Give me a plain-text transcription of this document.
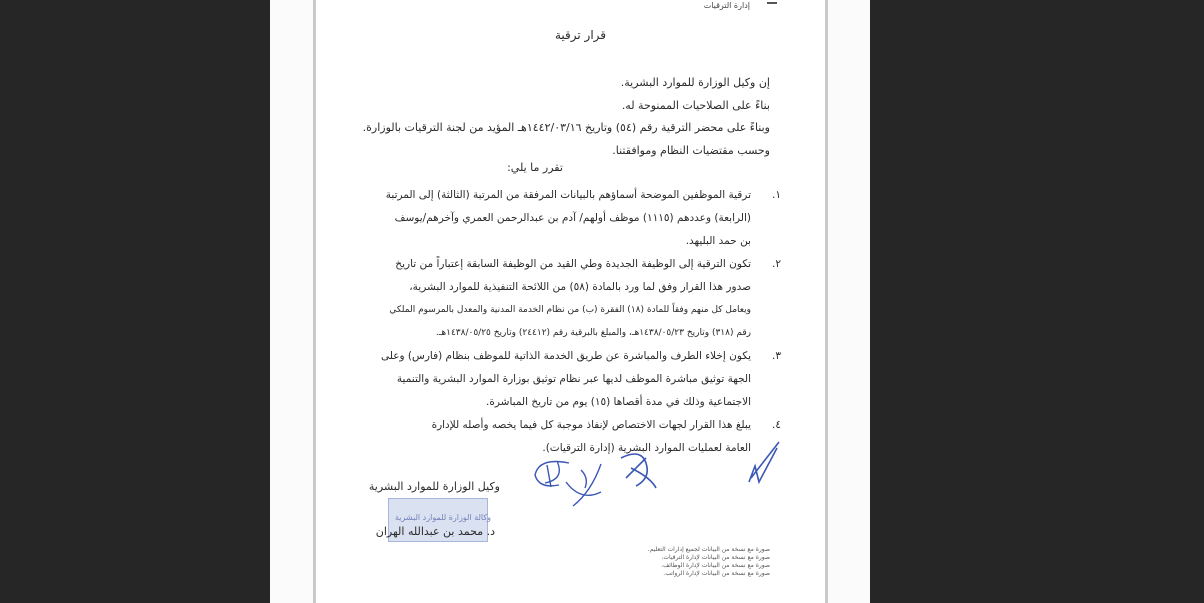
إدارة الترقيات
قرار ترقية
إن وكيل الوزارة للموارد البشرية.
بناءً على الصلاحيات الممنوحة له.
وبناءً على محضر الترقية رقم (٥٤) وتاريخ ١٤٤٢/٠٣/١٦هـ المؤيد من لجنة الترقيات بالوزارة.
وحسب مقتضيات النظام وموافقتنا.
تقرر ما يلي:
١.
ترقية الموظفين الموضحة أسماؤهم بالبيانات المرفقة من المرتبة (الثالثة) إلى المرتبة
(الرابعة) وعددهم (١١١٥) موظف أولهم/ آدم بن عبدالرحمن العمري وآخرهم/يوسف
بن حمد البليهد.
٢.
تكون الترقية إلى الوظيفة الجديدة وطي القيد من الوظيفة السابقة إعتباراً من تاريخ
صدور هذا القرار وفق لما ورد بالمادة (٥٨) من اللائحة التنفيذية للموارد البشرية،
ويعامل كل منهم وفقاً للمادة (١٨) الفقرة (ب) من نظام الخدمة المدنية والمعدل بالمرسوم الملكي
رقم (٣١٨) وتاريخ ١٤٣٨/٠٥/٢٣هـ، والمبلغ بالبرقية رقم (٢٤٤١٢) وتاريخ ١٤٣٨/٠٥/٢٥هـ.
٣.
يكون إخلاء الطرف والمباشرة عن طريق الخدمة الذاتية للموظف بنظام (فارس) وعلى
الجهة توثيق مباشرة الموظف لديها عبر نظام توثيق بوزارة الموارد البشرية والتنمية
الاجتماعية وذلك في مدة أقصاها (١٥) يوم من تاريخ المباشرة.
٤.
يبلغ هذا القرار لجهات الاختصاص لإنفاذ موجبة كل فيما يخصه وأصله للإدارة
العامة لعمليات الموارد البشرية (إدارة الترقيات).
وكيل الوزارة للموارد البشرية
وكالة الوزارة للموارد البشرية
د. محمد بن عبدالله الهران
صورة مع نسخة من البيانات لجميع إدارات التعليم.
صورة مع نسخة من البيانات لإدارة الترقيات.
صورة مع نسخة من البيانات لإدارة الوظائف.
صورة مع نسخة من البيانات لإدارة الرواتب.
